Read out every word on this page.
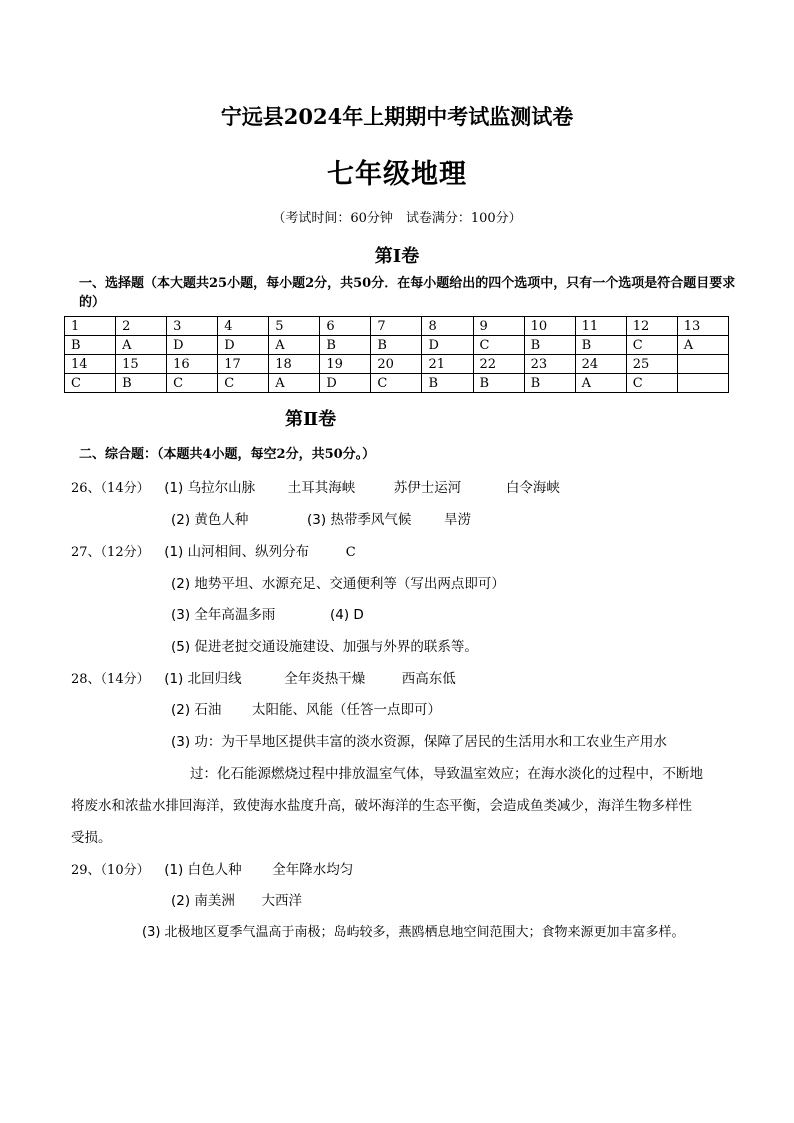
宁远县2024年上期期中考试监测试卷
七年级地理
（考试时间：60分钟　试卷满分：100分）
第Ⅰ卷
一、选择题（本大题共25小题，每小题2分，共50分．在每小题给出的四个选项中，只有一个选项是符合题目要求的）
1	2	3	4	5	6	7	8	9	10	11	12	13
B	A	D	D	A	B	B	D	C	B	B	C	A
14	15	16	17	18	19	20	21	22	23	24	25	
C	B	C	C	A	D	C	B	B	B	A	C	
第Ⅱ卷
二、综合题：（本题共4小题，每空2分，共50分。）
26、（14分） (1) 乌拉尔山脉 土耳其海峡	苏伊士运河	白令海峡
(2) 黄色人种	(3) 热带季风气候 旱涝
27、（12分） (1) 山河相间、纵列分布	C
(2) 地势平坦、水源充足、交通便利等（写出两点即可）
(3) 全年高温多雨	(4) D
(5) 促进老挝交通设施建设、加强与外界的联系等。
28、（14分） (1) 北回归线	全年炎热干燥	西高东低
(2) 石油 太阳能、风能（任答一点即可）
(3) 功：为干旱地区提供丰富的淡水资源，保障了居民的生活用水和工农业生产用水
过：化石能源燃烧过程中排放温室气体，导致温室效应；在海水淡化的过程中，不断地
将废水和浓盐水排回海洋，致使海水盐度升高，破坏海洋的生态平衡，会造成鱼类减少，海洋生物多样性
受损。
29、（10分） (1) 白色人种 全年降水均匀
(2) 南美洲 大西洋
(3) 北极地区夏季气温高于南极；岛屿较多，燕鸥栖息地空间范围大；食物来源更加丰富多样。
